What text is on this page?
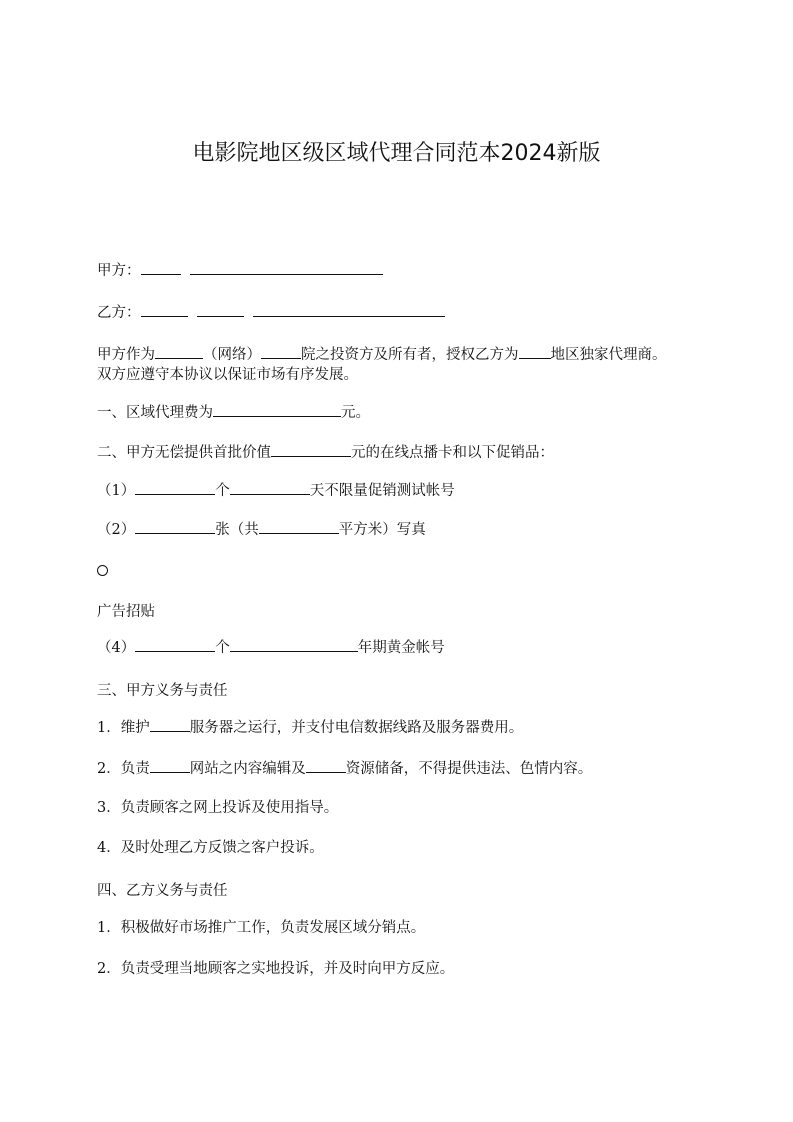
电影院地区级区域代理合同范本2024新版
甲方：
乙方：
甲方作为	（网络）	院之投资方及所有者，授权乙方为 地区独家代理商。
双方应遵守本协议以保证市场有序发展。
一、区域代理费为	元。
二、甲方无偿提供首批价值	元的在线点播卡和以下促销品：
（1）	个	天不限量促销测试帐号
（2）	张（共	平方米）写真
广告招贴
（4）	个	年期黄金帐号
三、甲方义务与责任
1．维护	服务器之运行，并支付电信数据线路及服务器费用。
2．负责	网站之内容编辑及	资源储备，不得提供违法、色情内容。
3．负责顾客之网上投诉及使用指导。
4．及时处理乙方反馈之客户投诉。
四、乙方义务与责任
1．积极做好市场推广工作，负责发展区域分销点。
2．负责受理当地顾客之实地投诉，并及时向甲方反应。
